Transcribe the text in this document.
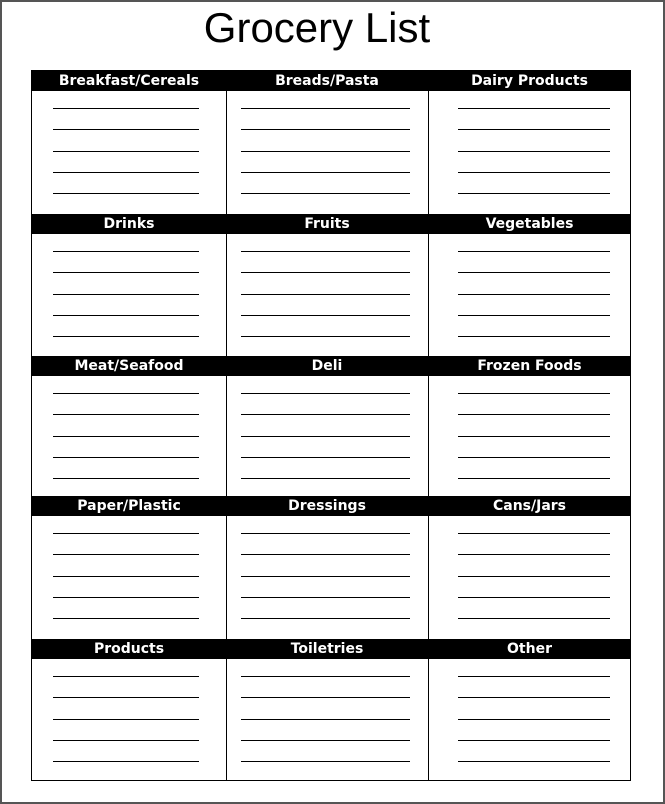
Grocery List
Breakfast/Cereals	Breads/Pasta	Dairy Products
Drinks	Fruits	Vegetables
Meat/Seafood	Deli	Frozen Foods
Paper/Plastic	Dressings	Cans/Jars
Products	Toiletries	Other
